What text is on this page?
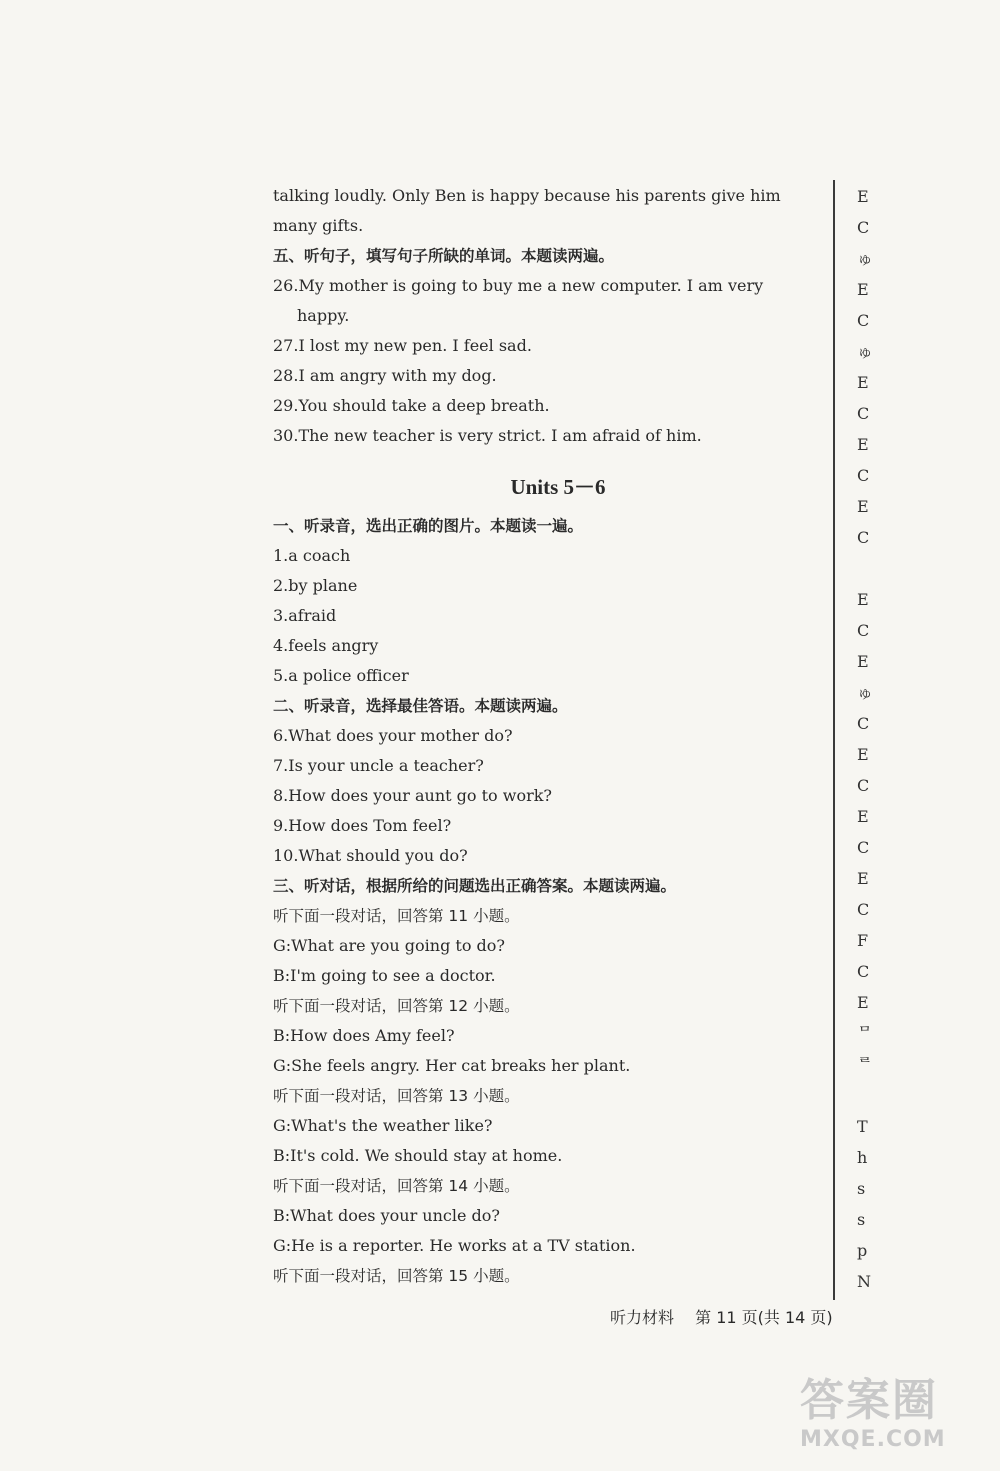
talking loudly. Only Ben is happy because his parents give him
many gifts.
五、听句子，填写句子所缺的单词。本题读两遍。
26.My mother is going to buy me a new computer. I am very
happy.
27.I lost my new pen. I feel sad.
28.I am angry with my dog.
29.You should take a deep breath.
30.The new teacher is very strict. I am afraid of him.
Units 5－6
一、听录音，选出正确的图片。本题读一遍。
1.a coach
2.by plane
3.afraid
4.feels angry
5.a police officer
二、听录音，选择最佳答语。本题读两遍。
6.What does your mother do?
7.Is your uncle a teacher?
8.How does your aunt go to work?
9.How does Tom feel?
10.What should you do?
三、听对话，根据所给的问题选出正确答案。本题读两遍。
听下面一段对话，回答第 11 小题。
G:What are you going to do?
B:I'm going to see a doctor.
听下面一段对话，回答第 12 小题。
B:How does Amy feel?
G:She feels angry. Her cat breaks her plant.
听下面一段对话，回答第 13 小题。
G:What's the weather like?
B:It's cold. We should stay at home.
听下面一段对话，回答第 14 小题。
B:What does your uncle do?
G:He is a reporter. He works at a TV station.
听下面一段对话，回答第 15 小题。
E
C
ゅ
E
C
ゅ
E
C
E
C
E
C
E
C
E
ゅ
C
E
C
E
C
E
C
F
C
E
ᄆ
ᄅ
T
h
s
s
p
N
听力材料 第 11 页(共 14 页)
答案圈
MXQE.COM
